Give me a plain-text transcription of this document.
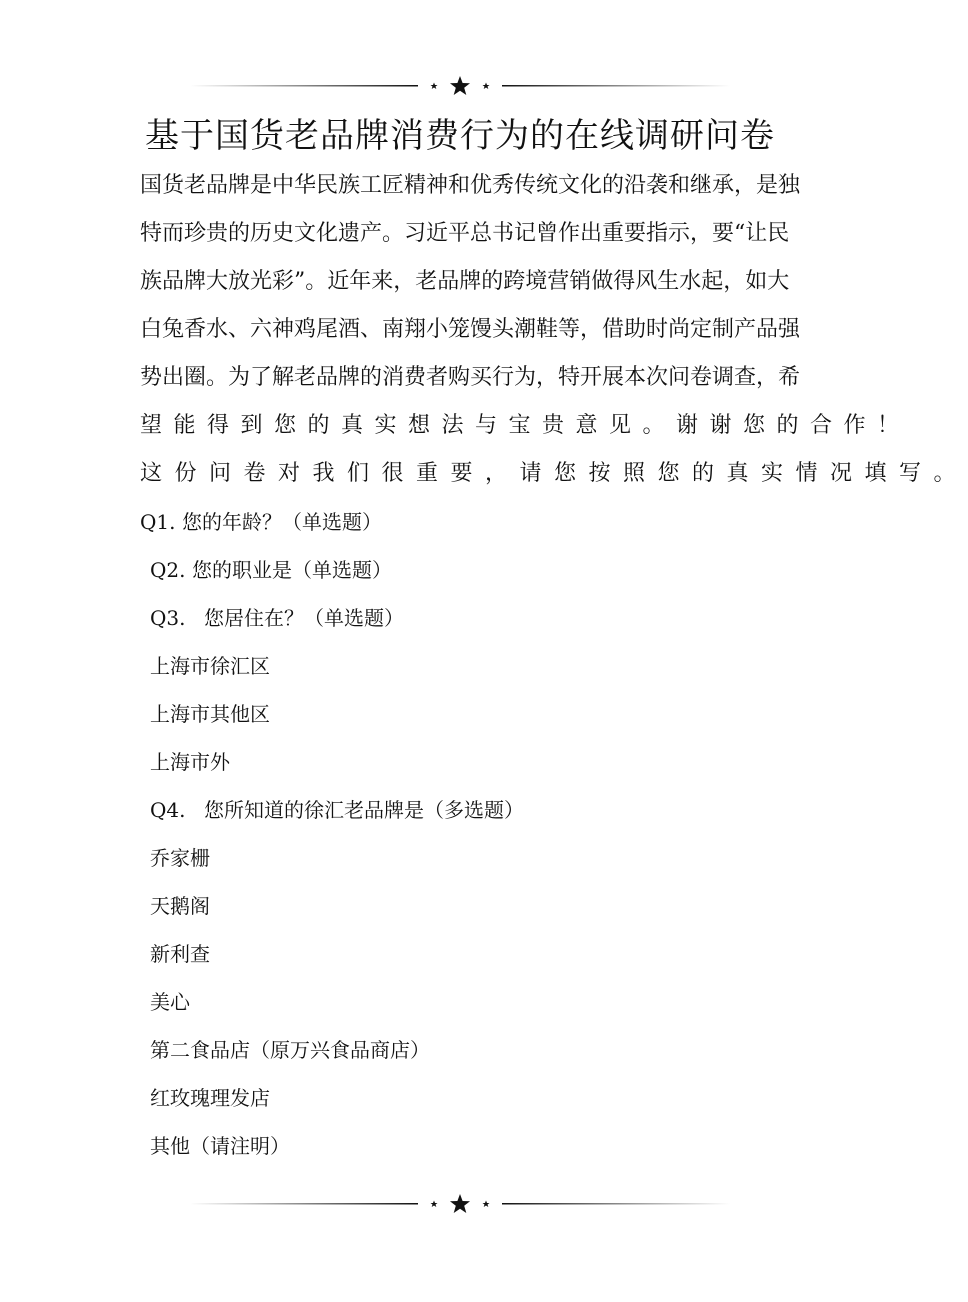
基于国货老品牌消费行为的在线调研问卷
国货老品牌是中华民族工匠精神和优秀传统文化的沿袭和继承，是独
特而珍贵的历史文化遗产。习近平总书记曾作出重要指示，要“让民
族品牌大放光彩”。近年来，老品牌的跨境营销做得风生水起，如大
白兔香水、六神鸡尾酒、南翔小笼馒头潮鞋等，借助时尚定制产品强
势出圈。为了解老品牌的消费者购买行为，特开展本次问卷调查，希
望能得到您的真实想法与宝贵意见。谢谢您的合作！
这份问卷对我们很重要，请您按照您的真实情况填写。
Q1. 您的年龄？（单选题）
Q2. 您的职业是（单选题）
Q3. 您居住在？（单选题）
上海市徐汇区
上海市其他区
上海市外
Q4. 您所知道的徐汇老品牌是（多选题）
乔家栅
天鹅阁
新利查
美心
第二食品店（原万兴食品商店）
红玫瑰理发店
其他（请注明）
